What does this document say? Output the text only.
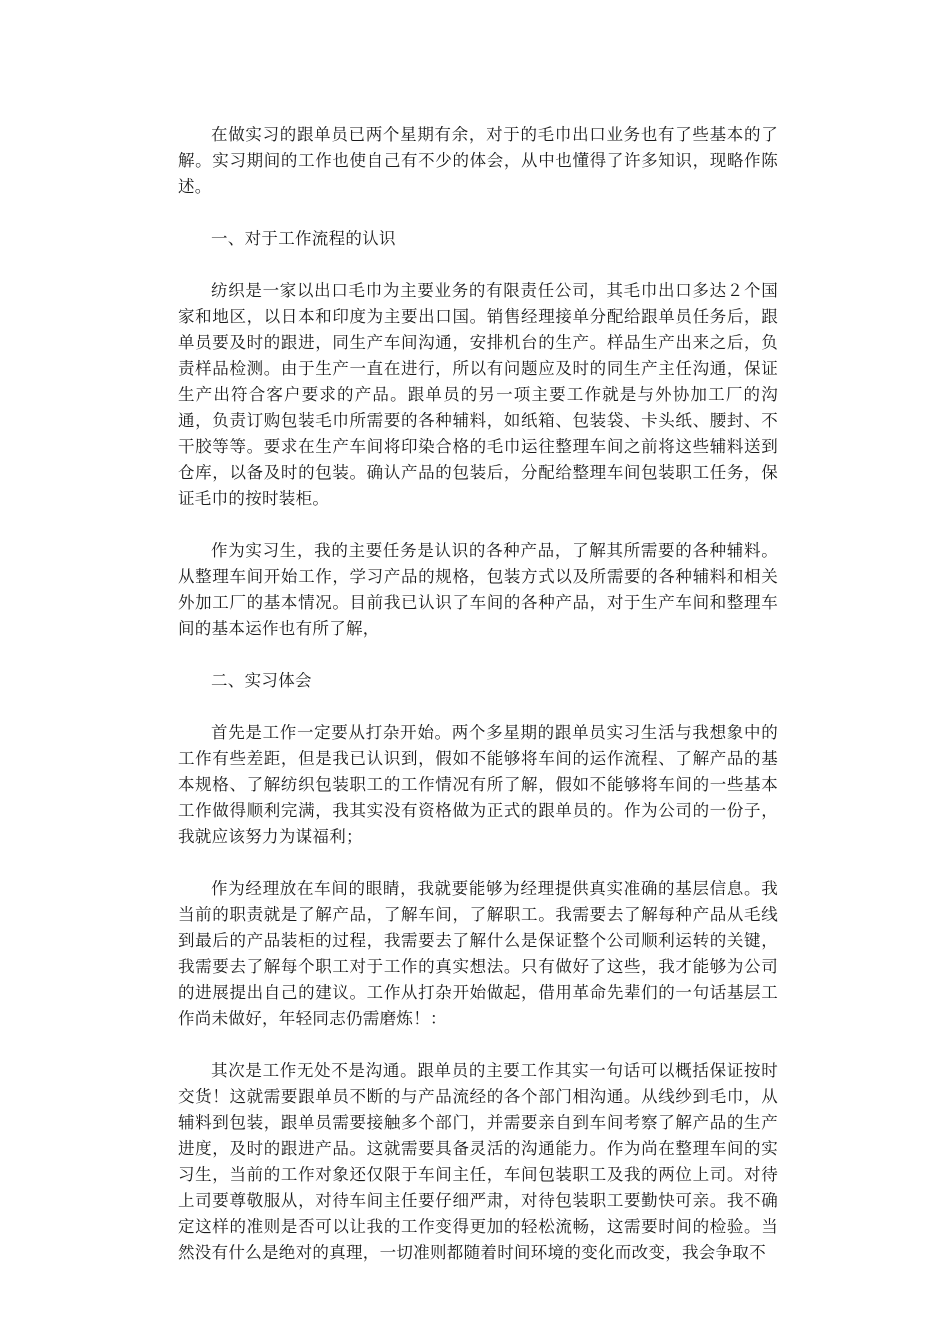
在做实习的跟单员已两个星期有余，对于的毛巾出口业务也有了些基本的了解。实习期间的工作也使自己有不少的体会，从中也懂得了许多知识，现略作陈述。

一、对于工作流程的认识

纺织是一家以出口毛巾为主要业务的有限责任公司，其毛巾出口多达２个国家和地区，以日本和印度为主要出口国。销售经理接单分配给跟单员任务后，跟单员要及时的跟进，同生产车间沟通，安排机台的生产。样品生产出来之后，负责样品检测。由于生产一直在进行，所以有问题应及时的同生产主任沟通，保证生产出符合客户要求的产品。跟单员的另一项主要工作就是与外协加工厂的沟通，负责订购包装毛巾所需要的各种辅料，如纸箱、包装袋、卡头纸、腰封、不干胶等等。要求在生产车间将印染合格的毛巾运往整理车间之前将这些辅料送到仓库，以备及时的包装。确认产品的包装后，分配给整理车间包装职工任务，保证毛巾的按时装柜。

作为实习生，我的主要任务是认识的各种产品，了解其所需要的各种辅料。从整理车间开始工作，学习产品的规格，包装方式以及所需要的各种辅料和相关外加工厂的基本情况。目前我已认识了车间的各种产品，对于生产车间和整理车间的基本运作也有所了解，

二、实习体会

首先是工作一定要从打杂开始。两个多星期的跟单员实习生活与我想象中的工作有些差距，但是我已认识到，假如不能够将车间的运作流程、了解产品的基本规格、了解纺织包装职工的工作情况有所了解，假如不能够将车间的一些基本工作做得顺利完满，我其实没有资格做为正式的跟单员的。作为公司的一份子，我就应该努力为谋福利；

作为经理放在车间的眼睛，我就要能够为经理提供真实准确的基层信息。我当前的职责就是了解产品，了解车间，了解职工。我需要去了解每种产品从毛线到最后的产品装柜的过程，我需要去了解什么是保证整个公司顺利运转的关键，我需要去了解每个职工对于工作的真实想法。只有做好了这些，我才能够为公司的进展提出自己的建议。工作从打杂开始做起，借用革命先辈们的一句话基层工作尚未做好，年轻同志仍需磨炼！：

其次是工作无处不是沟通。跟单员的主要工作其实一句话可以概括保证按时交货！这就需要跟单员不断的与产品流经的各个部门相沟通。从线纱到毛巾，从辅料到包装，跟单员需要接触多个部门，并需要亲自到车间考察了解产品的生产进度，及时的跟进产品。这就需要具备灵活的沟通能力。作为尚在整理车间的实习生，当前的工作对象还仅限于车间主任，车间包装职工及我的两位上司。对待上司要尊敬服从，对待车间主任要仔细严肃，对待包装职工要勤快可亲。我不确定这样的准则是否可以让我的工作变得更加的轻松流畅，这需要时间的检验。当然没有什么是绝对的真理，一切准则都随着时间环境的变化而改变，我会争取不
